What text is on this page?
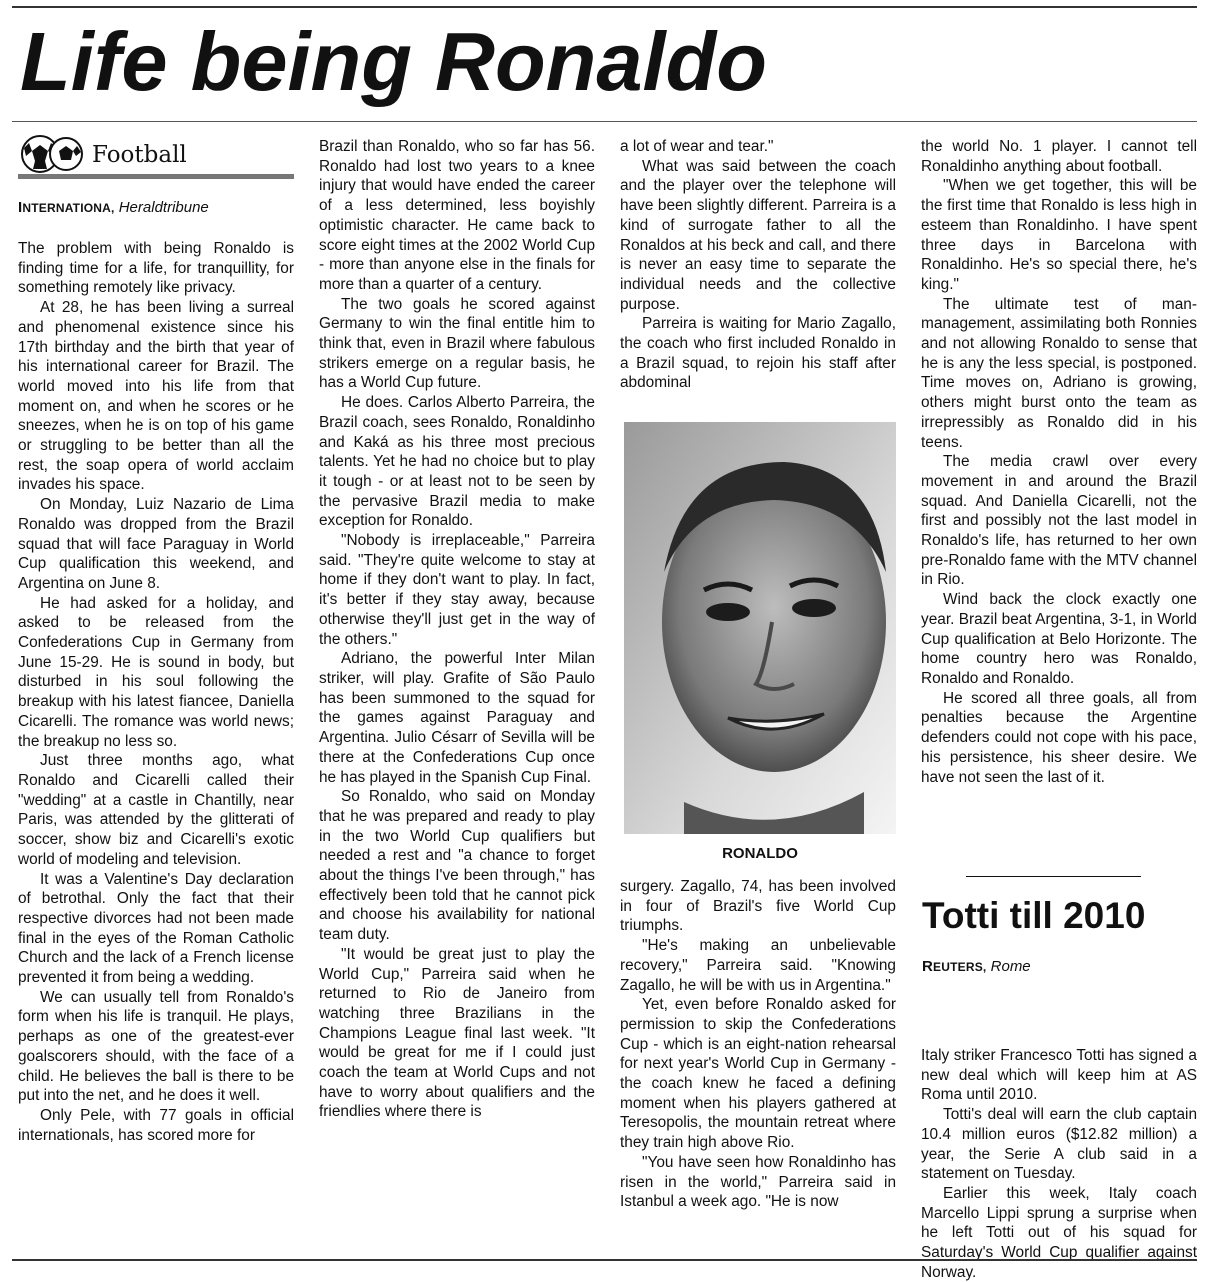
Life being Ronaldo
Football
INTERNATIONA, Heraldtribune

The problem with being Ronaldo is finding time for a life, for tranquillity, for something remotely like privacy.

At 28, he has been living a surreal and phenomenal existence since his 17th birthday and the birth that year of his international career for Brazil. The world moved into his life from that moment on, and when he scores or he sneezes, when he is on top of his game or struggling to be better than all the rest, the soap opera of world acclaim invades his space.

On Monday, Luiz Nazario de Lima Ronaldo was dropped from the Brazil squad that will face Paraguay in World Cup qualification this weekend, and Argentina on June 8.

He had asked for a holiday, and asked to be released from the Confederations Cup in Germany from June 15-29. He is sound in body, but disturbed in his soul following the breakup with his latest fiancee, Daniella Cicarelli. The romance was world news; the breakup no less so.

Just three months ago, what Ronaldo and Cicarelli called their "wedding" at a castle in Chantilly, near Paris, was attended by the glitterati of soccer, show biz and Cicarelli's exotic world of modeling and television.

It was a Valentine's Day declaration of betrothal. Only the fact that their respective divorces had not been made final in the eyes of the Roman Catholic Church and the lack of a French license prevented it from being a wedding.

We can usually tell from Ronaldo's form when his life is tranquil. He plays, perhaps as one of the greatest-ever goalscorers should, with the face of a child. He believes the ball is there to be put into the net, and he does it well.

Only Pele, with 77 goals in official internationals, has scored more for

Brazil than Ronaldo, who so far has 56. Ronaldo had lost two years to a knee injury that would have ended the career of a less determined, less boyishly optimistic character. He came back to score eight times at the 2002 World Cup - more than anyone else in the finals for more than a quarter of a century.

The two goals he scored against Germany to win the final entitle him to think that, even in Brazil where fabulous strikers emerge on a regular basis, he has a World Cup future.

He does. Carlos Alberto Parreira, the Brazil coach, sees Ronaldo, Ronaldinho and Kaká as his three most precious talents. Yet he had no choice but to play it tough - or at least not to be seen by the pervasive Brazil media to make exception for Ronaldo.

"Nobody is irreplaceable," Parreira said. "They're quite welcome to stay at home if they don't want to play. In fact, it's better if they stay away, because otherwise they'll just get in the way of the others."

Adriano, the powerful Inter Milan striker, will play. Grafite of São Paulo has been summoned to the squad for the games against Paraguay and Argentina. Julio Césarr of Sevilla will be there at the Confederations Cup once he has played in the Spanish Cup Final.

So Ronaldo, who said on Monday that he was prepared and ready to play in the two World Cup qualifiers but needed a rest and "a chance to forget about the things I've been through," has effectively been told that he cannot pick and choose his availability for national team duty.

"It would be great just to play the World Cup," Parreira said when he returned to Rio de Janeiro from watching three Brazilians in the Champions League final last week. "It would be great for me if I could just coach the team at World Cups and not have to worry about qualifiers and the friendlies where there is

a lot of wear and tear."

What was said between the coach and the player over the telephone will have been slightly different. Parreira is a kind of surrogate father to all the Ronaldos at his beck and call, and there is never an easy time to separate the individual needs and the collective purpose.

Parreira is waiting for Mario Zagallo, the coach who first included Ronaldo in a Brazil squad, to rejoin his staff after abdominal

RONALDO

surgery. Zagallo, 74, has been involved in four of Brazil's five World Cup triumphs.

"He's making an unbelievable recovery," Parreira said. "Knowing Zagallo, he will be with us in Argentina."

Yet, even before Ronaldo asked for permission to skip the Confederations Cup - which is an eight-nation rehearsal for next year's World Cup in Germany - the coach knew he faced a defining moment when his players gathered at Teresopolis, the mountain retreat where they train high above Rio.

"You have seen how Ronaldinho has risen in the world," Parreira said in Istanbul a week ago. "He is now

the world No. 1 player. I cannot tell Ronaldinho anything about football.

"When we get together, this will be the first time that Ronaldo is less high in esteem than Ronaldinho. I have spent three days in Barcelona with Ronaldinho. He's so special there, he's king."

The ultimate test of man-management, assimilating both Ronnies and not allowing Ronaldo to sense that he is any the less special, is postponed. Time moves on, Adriano is growing, others might burst onto the team as irrepressibly as Ronaldo did in his teens.

The media crawl over every movement in and around the Brazil squad. And Daniella Cicarelli, not the first and possibly not the last model in Ronaldo's life, has returned to her own pre-Ronaldo fame with the MTV channel in Rio.

Wind back the clock exactly one year. Brazil beat Argentina, 3-1, in World Cup qualification at Belo Horizonte. The home country hero was Ronaldo, Ronaldo and Ronaldo.

He scored all three goals, all from penalties because the Argentine defenders could not cope with his pace, his persistence, his sheer desire. We have not seen the last of it.

Totti till 2010
REUTERS, Rome

Italy striker Francesco Totti has signed a new deal which will keep him at AS Roma until 2010.

Totti's deal will earn the club captain 10.4 million euros ($12.82 million) a year, the Serie A club said in a statement on Tuesday.

Earlier this week, Italy coach Marcello Lippi sprung a surprise when he left Totti out of his squad for Saturday's World Cup qualifier against Norway.
